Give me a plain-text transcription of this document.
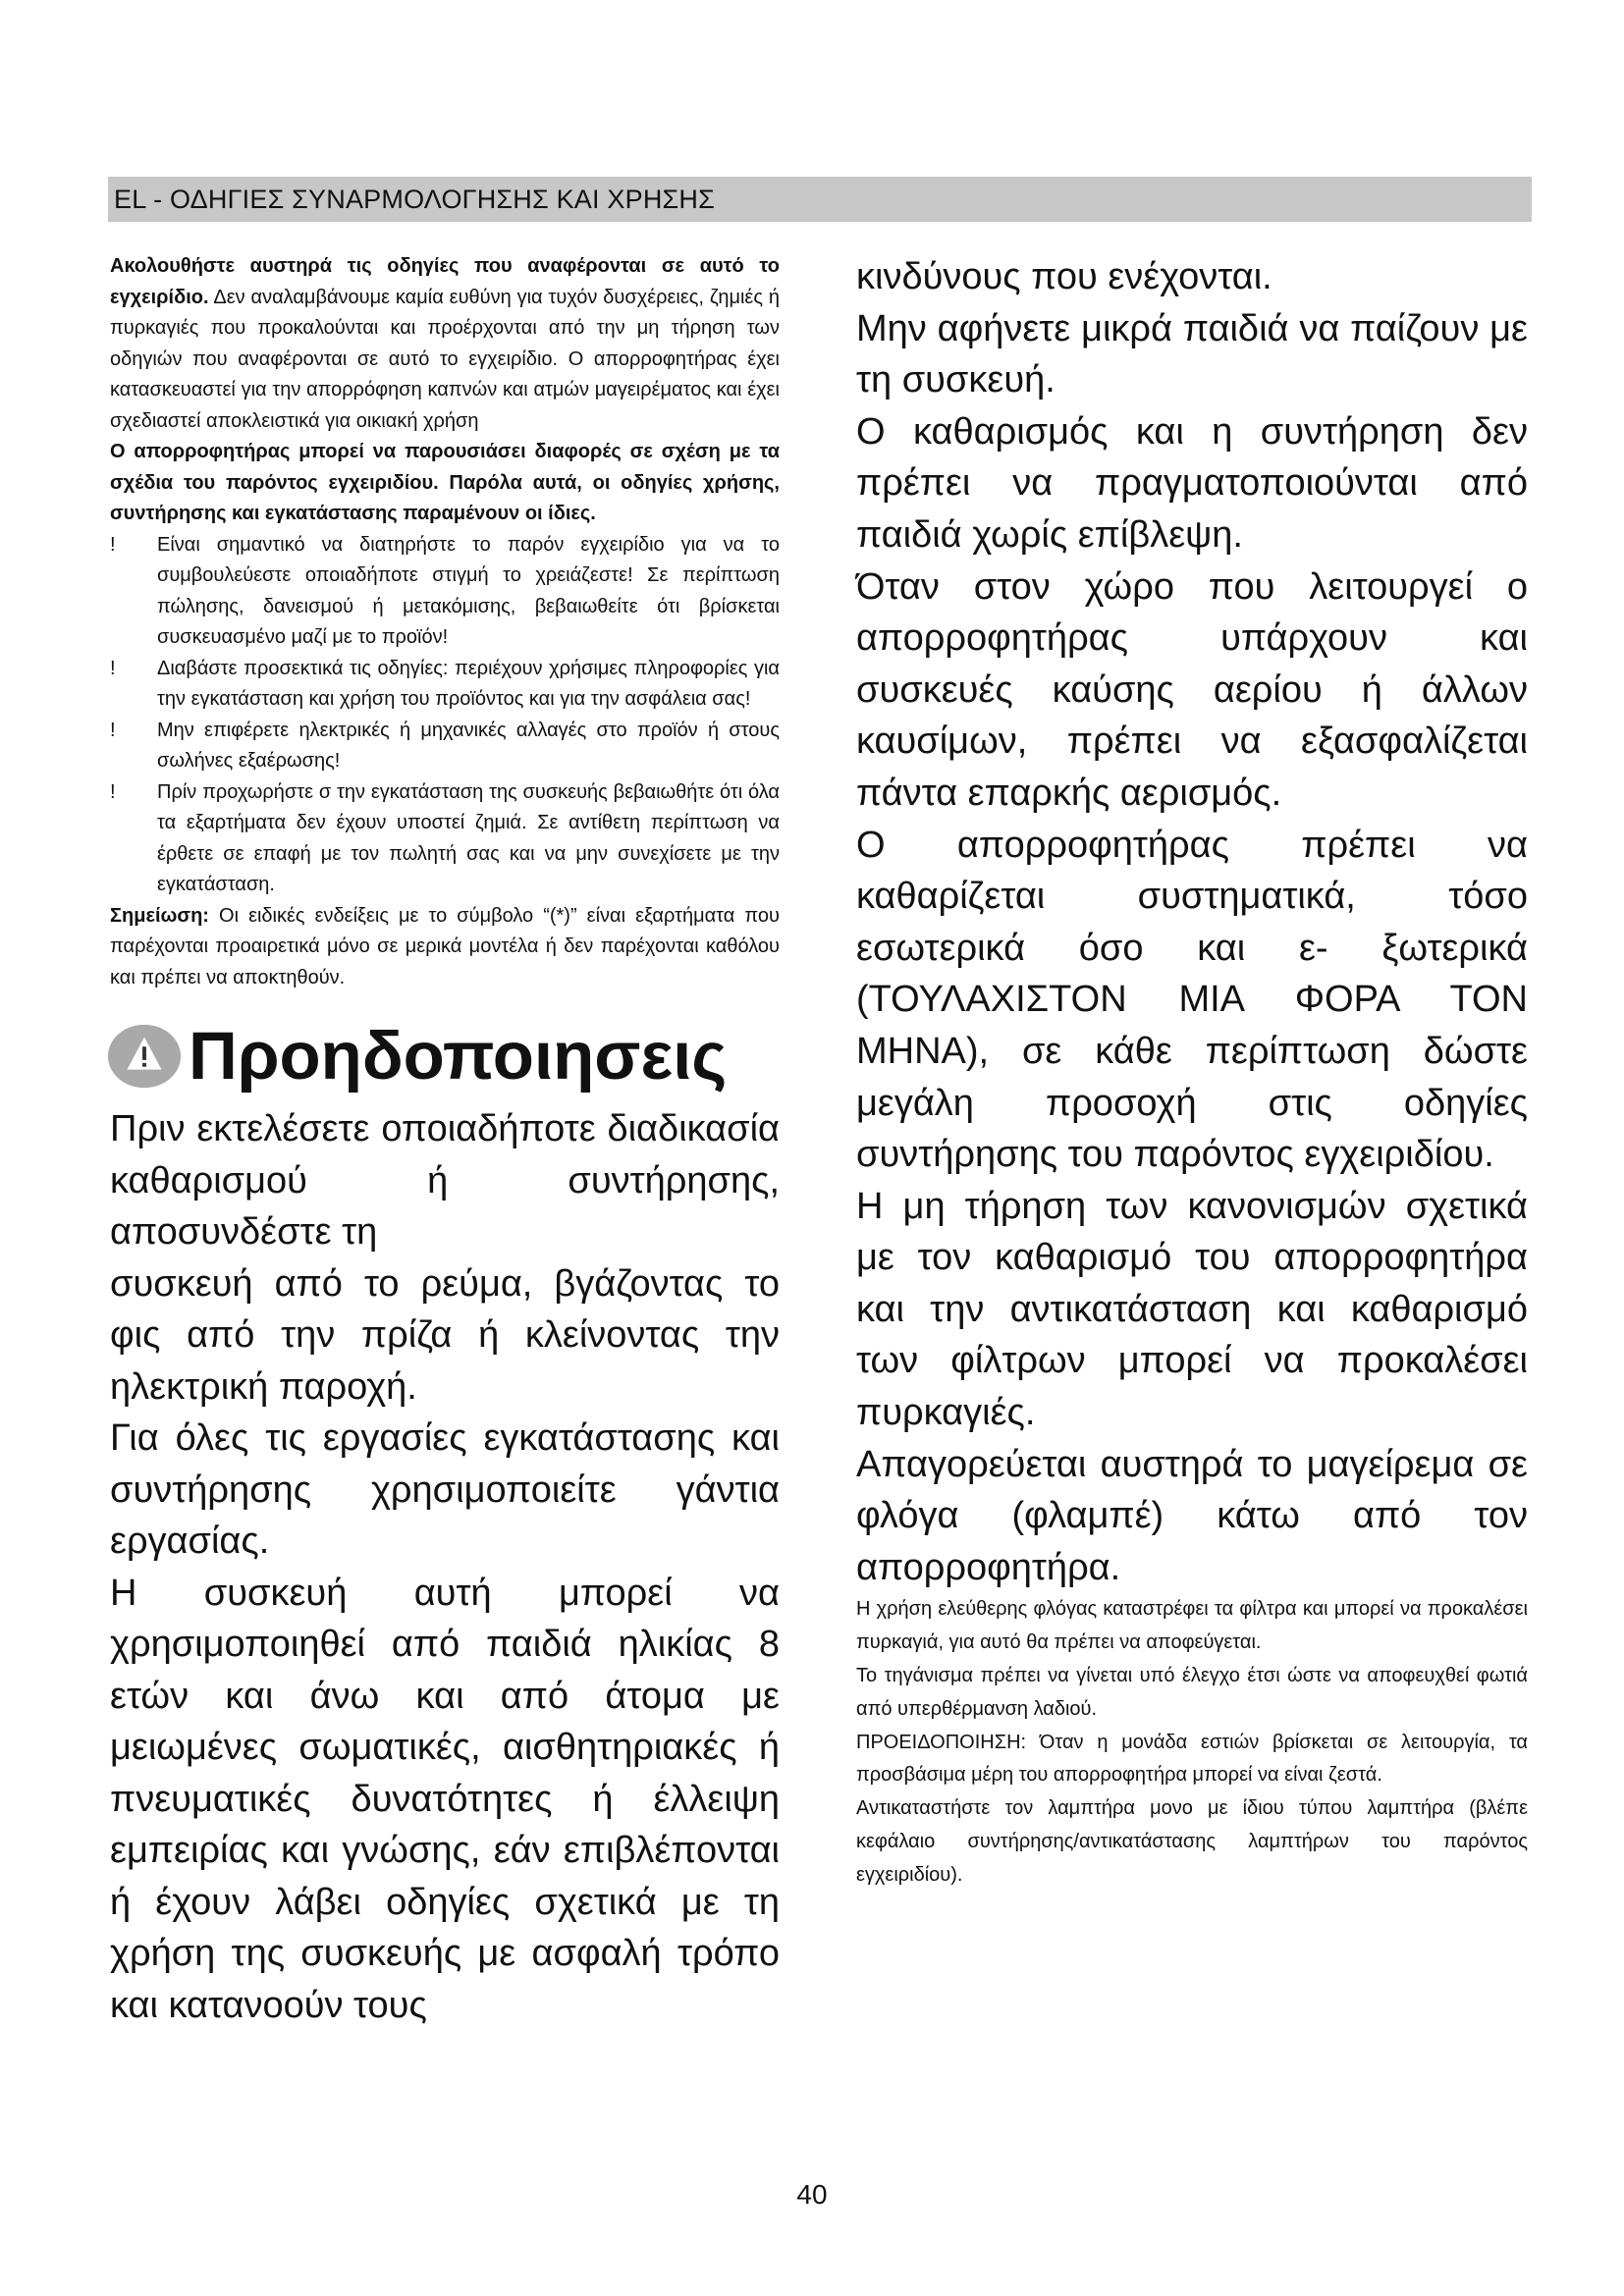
EL - ΟΔΗΓΙΕΣ ΣΥΝΑΡΜΟΛΟΓΗΣΗΣ ΚΑΙ ΧΡΗΣΗΣ

Ακολουθήστε αυστηρά τις οδηγίες που αναφέρονται σε αυτό το εγχειρίδιο. Δεν αναλαμβάνουμε καμία ευθύνη για τυχόν δυσχέρειες, ζημιές ή πυρκαγιές που προκαλούνται και προέρχονται από την μη τήρηση των οδηγιών που αναφέρονται σε αυτό το εγχειρίδιο. Ο απορροφητήρας έχει κατασκευαστεί για την απορρόφηση καπνών και ατμών μαγειρέματος και έχει σχεδιαστεί αποκλειστικά για οικιακή χρήση

Ο απορροφητήρας μπορεί να παρουσιάσει διαφορές σε σχέση με τα σχέδια του παρόντος εγχειριδίου. Παρόλα αυτά, οι οδηγίες χρήσης, συντήρησης και εγκατάστασης παραμένουν οι ίδιες.

!	Είναι σημαντικό να διατηρήστε το παρόν εγχειρίδιο για να το συμβουλεύεστε οποιαδήποτε στιγμή το χρειάζεστε! Σε περίπτωση πώλησης, δανεισμού ή μετακόμισης, βεβαιωθείτε ότι βρίσκεται συσκευασμένο μαζί με το προϊόν!
!	Διαβάστε προσεκτικά τις οδηγίες: περιέχουν χρήσιμες πληροφορίες για την εγκατάσταση και χρήση του προϊόντος και για την ασφάλεια σας!
!	Μην επιφέρετε ηλεκτρικές ή μηχανικές αλλαγές στο προϊόν ή στους σωλήνες εξαέρωσης!
!	Πρίν προχωρήστε σ την εγκατάσταση της συσκευής βεβαιωθήτε ότι όλα τα εξαρτήματα δεν έχουν υποστεί ζημιά. Σε αντίθετη περίπτωση να έρθετε σε επαφή με τον πωλητή σας και να μην συνεχίσετε με την εγκατάσταση.

Σημείωση: Οι ειδικές ενδείξεις με το σύμβολο “(*)” είναι εξαρτήματα που παρέχονται προαιρετικά μόνο σε μερικά μοντέλα ή δεν παρέχονται καθόλου και πρέπει να αποκτηθούν.

Προηδοποιησεις

Πριν εκτελέσετε οποιαδήποτε διαδικασία καθαρισμού ή συντήρησης, αποσυνδέστε τη

συσκευή από το ρεύμα, βγάζοντας το φις από την πρίζα ή κλείνοντας την ηλεκτρική παροχή.

Για όλες τις εργασίες εγκατάστασης και συντήρησης χρησιμοποιείτε γάντια εργασίας.

Η συσκευή αυτή μπορεί να χρησιμοποιηθεί από παιδιά ηλικίας 8 ετών και άνω και από άτομα με μειωμένες σωματικές, αισθητηριακές ή πνευματικές δυνατότητες ή έλλειψη εμπειρίας και γνώσης, εάν επιβλέπονται ή έχουν λάβει οδηγίες σχετικά με τη χρήση της συσκευής με ασφαλή τρόπο και κατανοούν τους

κινδύνους που ενέχονται.

Μην αφήνετε μικρά παιδιά να παίζουν με τη συσκευή.

Ο καθαρισμός και η συντήρηση δεν πρέπει να πραγματοποιούνται από παιδιά χωρίς επίβλεψη.

Όταν στον χώρο που λειτουργεί ο απορροφητήρας υπάρχουν και συσκευές καύσης αερίου ή άλλων καυσίμων, πρέπει να εξασφαλίζεται πάντα επαρκής αερισμός.

Ο απορροφητήρας πρέπει να καθαρίζεται συστηματικά, τόσο εσωτερικά όσο και ε- ξωτερικά (ΤΟΥΛΑΧΙΣΤΟΝ ΜΙΑ ΦΟΡΑ ΤΟΝ ΜΗΝΑ), σε κάθε περίπτωση δώστε μεγάλη προσοχή στις οδηγίες συντήρησης του παρόντος εγχειριδίου.

Η μη τήρηση των κανονισμών σχετικά με τον καθαρισμό του απορροφητήρα και την αντικατάσταση και καθαρισμό των φίλτρων μπορεί να προκαλέσει πυρκαγιές.

Απαγορεύεται αυστηρά το μαγείρεμα σε φλόγα (φλαμπέ) κάτω από τον απορροφητήρα.

Η χρήση ελεύθερης φλόγας καταστρέφει τα φίλτρα και μπορεί να προκαλέσει πυρκαγιά, για αυτό θα πρέπει να αποφεύγεται.

Το τηγάνισμα πρέπει να γίνεται υπό έλεγχο έτσι ώστε να αποφευχθεί φωτιά από υπερθέρμανση λαδιού.

ΠΡΟΕΙΔΟΠΟΙΗΣΗ: Όταν η μονάδα εστιών βρίσκεται σε λειτουργία, τα προσβάσιμα μέρη του απορροφητήρα μπορεί να είναι ζεστά.

Αντικαταστήστε τον λαμπτήρα μονο με ίδιου τύπου λαμπτήρα (βλέπε κεφάλαιο συντήρησης/αντικατάστασης λαμπτήρων του παρόντος εγχειριδίου).

40
